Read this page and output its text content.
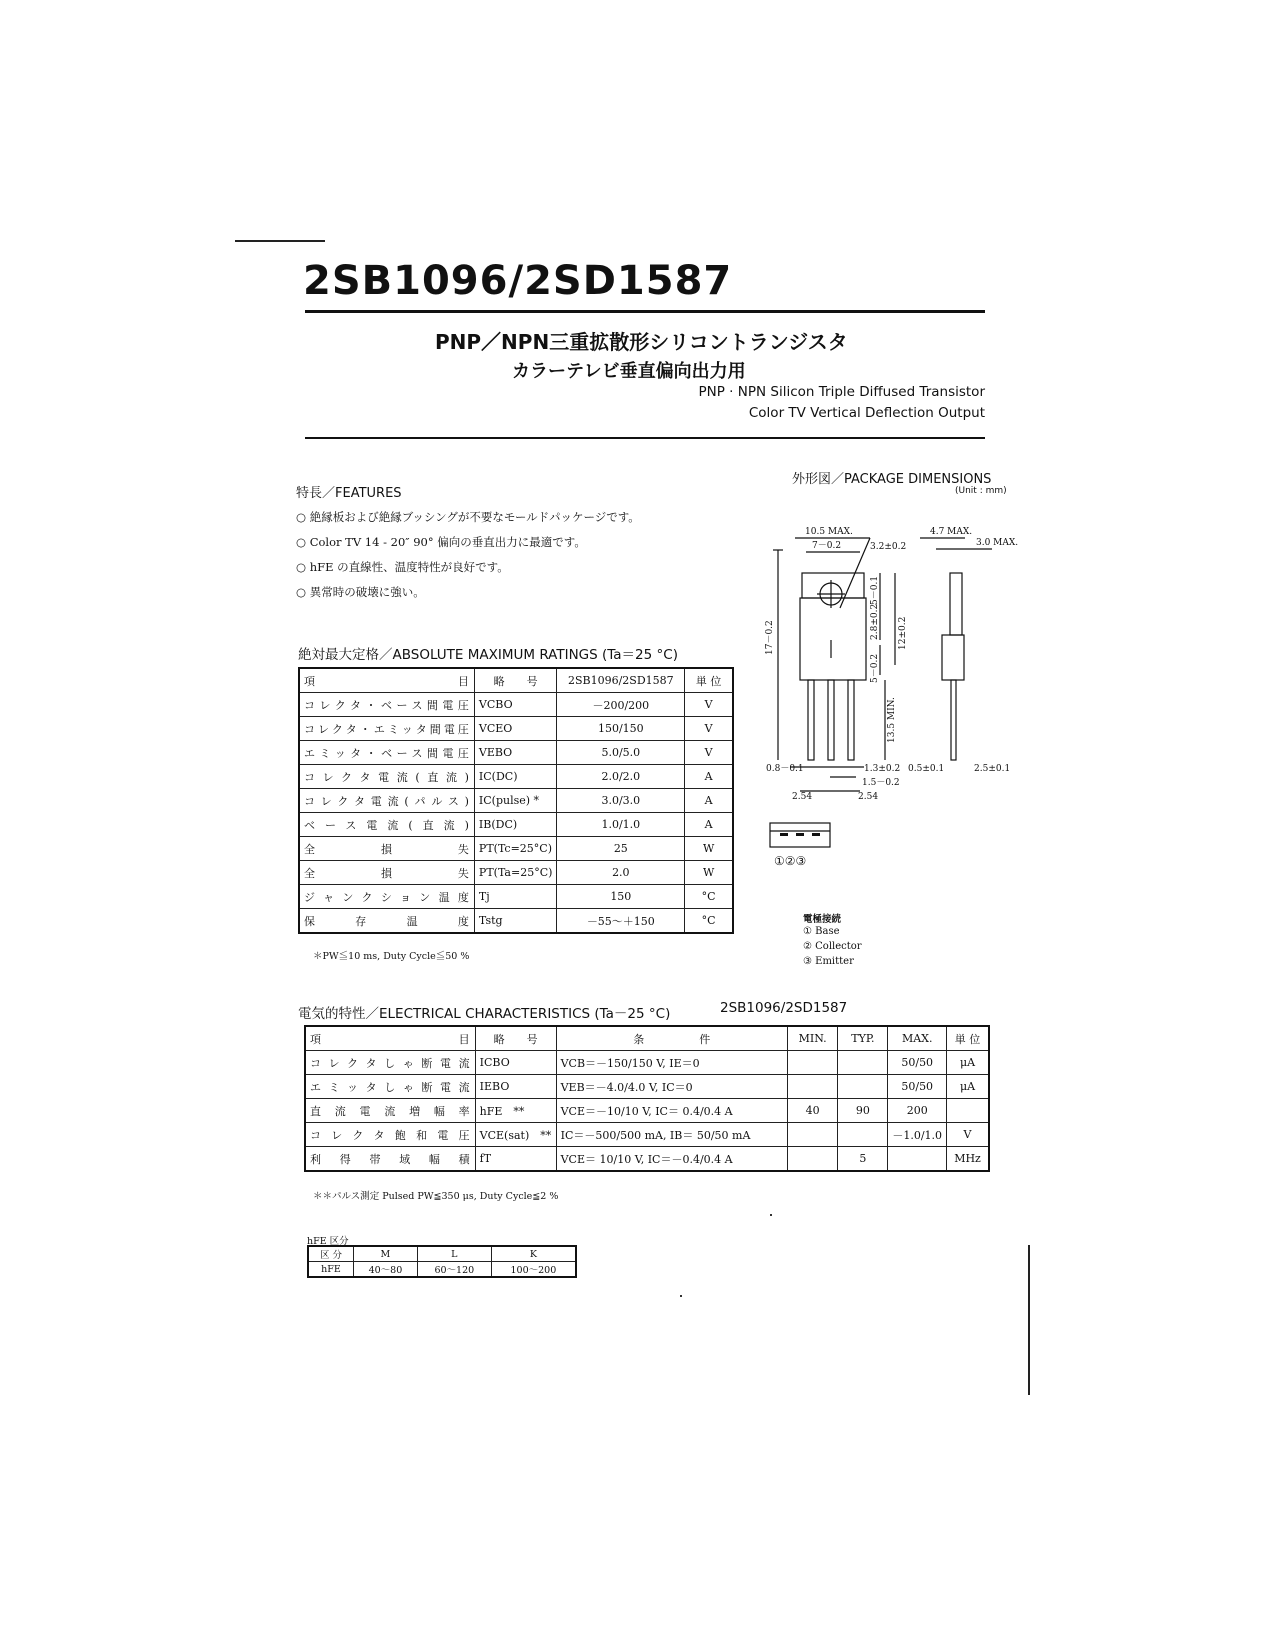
2SB1096/2SD1587
PNP／NPN三重拡散形シリコントランジスタ
カラーテレビ垂直偏向出力用
PNP · NPN Silicon Triple Diffused Transistor
Color TV Vertical Deflection Output
特長／FEATURES
○ 絶縁板および絶縁ブッシングが不要なモールドパッケージです。
○ Color TV 14 - 20″ 90° 偏向の垂直出力に最適です。
○ hFE の直線性、温度特性が良好です。
○ 異常時の破壊に強い。
絶対最大定格／ABSOLUTE MAXIMUM RATINGS (Ta＝25 °C)
項　　　目	略　　号	2SB1096/2SD1587	単 位
コレクタ・ベース間電圧	VCBO	－200/200	V
コレクタ・エミッタ間電圧	VCEO	150/150	V
エミッタ・ベース間電圧	VEBO	5.0/5.0	V
コレクタ電流(直流)	IC(DC)	2.0/2.0	A
コレクタ電流(パルス)	IC(pulse) *	3.0/3.0	A
ベース電流(直流)	IB(DC)	1.0/1.0	A
全　損　失	PT(Tc=25°C)	25	W
全　損　失	PT(Ta=25°C)	2.0	W
ジャンクション温度	Tj	150	°C
保　存　温　度	Tstg	－55～＋150	°C
＊PW≦10 ms, Duty Cycle≦50 %
外形図／PACKAGE DIMENSIONS
(Unit : mm)
10.5 MAX.
7－0.2	3.2±0.2
4.7 MAX.
3.0 MAX.
17－0.2
5－0.1
2.8±0.2 12±0.2
5－0.2
13.5 MIN.
0.8－0.1	1.3±0.2 0.5±0.1	2.5±0.1
1.5－0.2
2.54	2.54
①②③
電極接続
① Base
② Collector
③ Emitter
電気的特性／ELECTRICAL CHARACTERISTICS (Ta－25 °C)	2SB1096/2SD1587
項　　　目	略　　号	条　　　　　件	MIN.	TYP.	MAX.	単 位
コレクタしゃ断電流	ICBO	VCB＝－150/150 V, IE＝0			50/50	μA
エミッタしゃ断電流	IEBO	VEB＝－4.0/4.0 V, IC＝0			50/50	μA
直流電流増幅率	hFE　**	VCE＝－10/10 V, IC＝ 0.4/0.4 A	40	90	200	
コレクタ飽和電圧	VCE(sat)　**	IC＝－500/500 mA, IB＝ 50/50 mA			－1.0/1.0	V
利得帯域幅積	fT	VCE＝ 10/10 V, IC＝－0.4/0.4 A		5		MHz
＊＊パルス測定 Pulsed PW≦350 μs, Duty Cycle≦2 %
hFE 区分
区 分	M	L	K
hFE	40～80	60～120	100～200
